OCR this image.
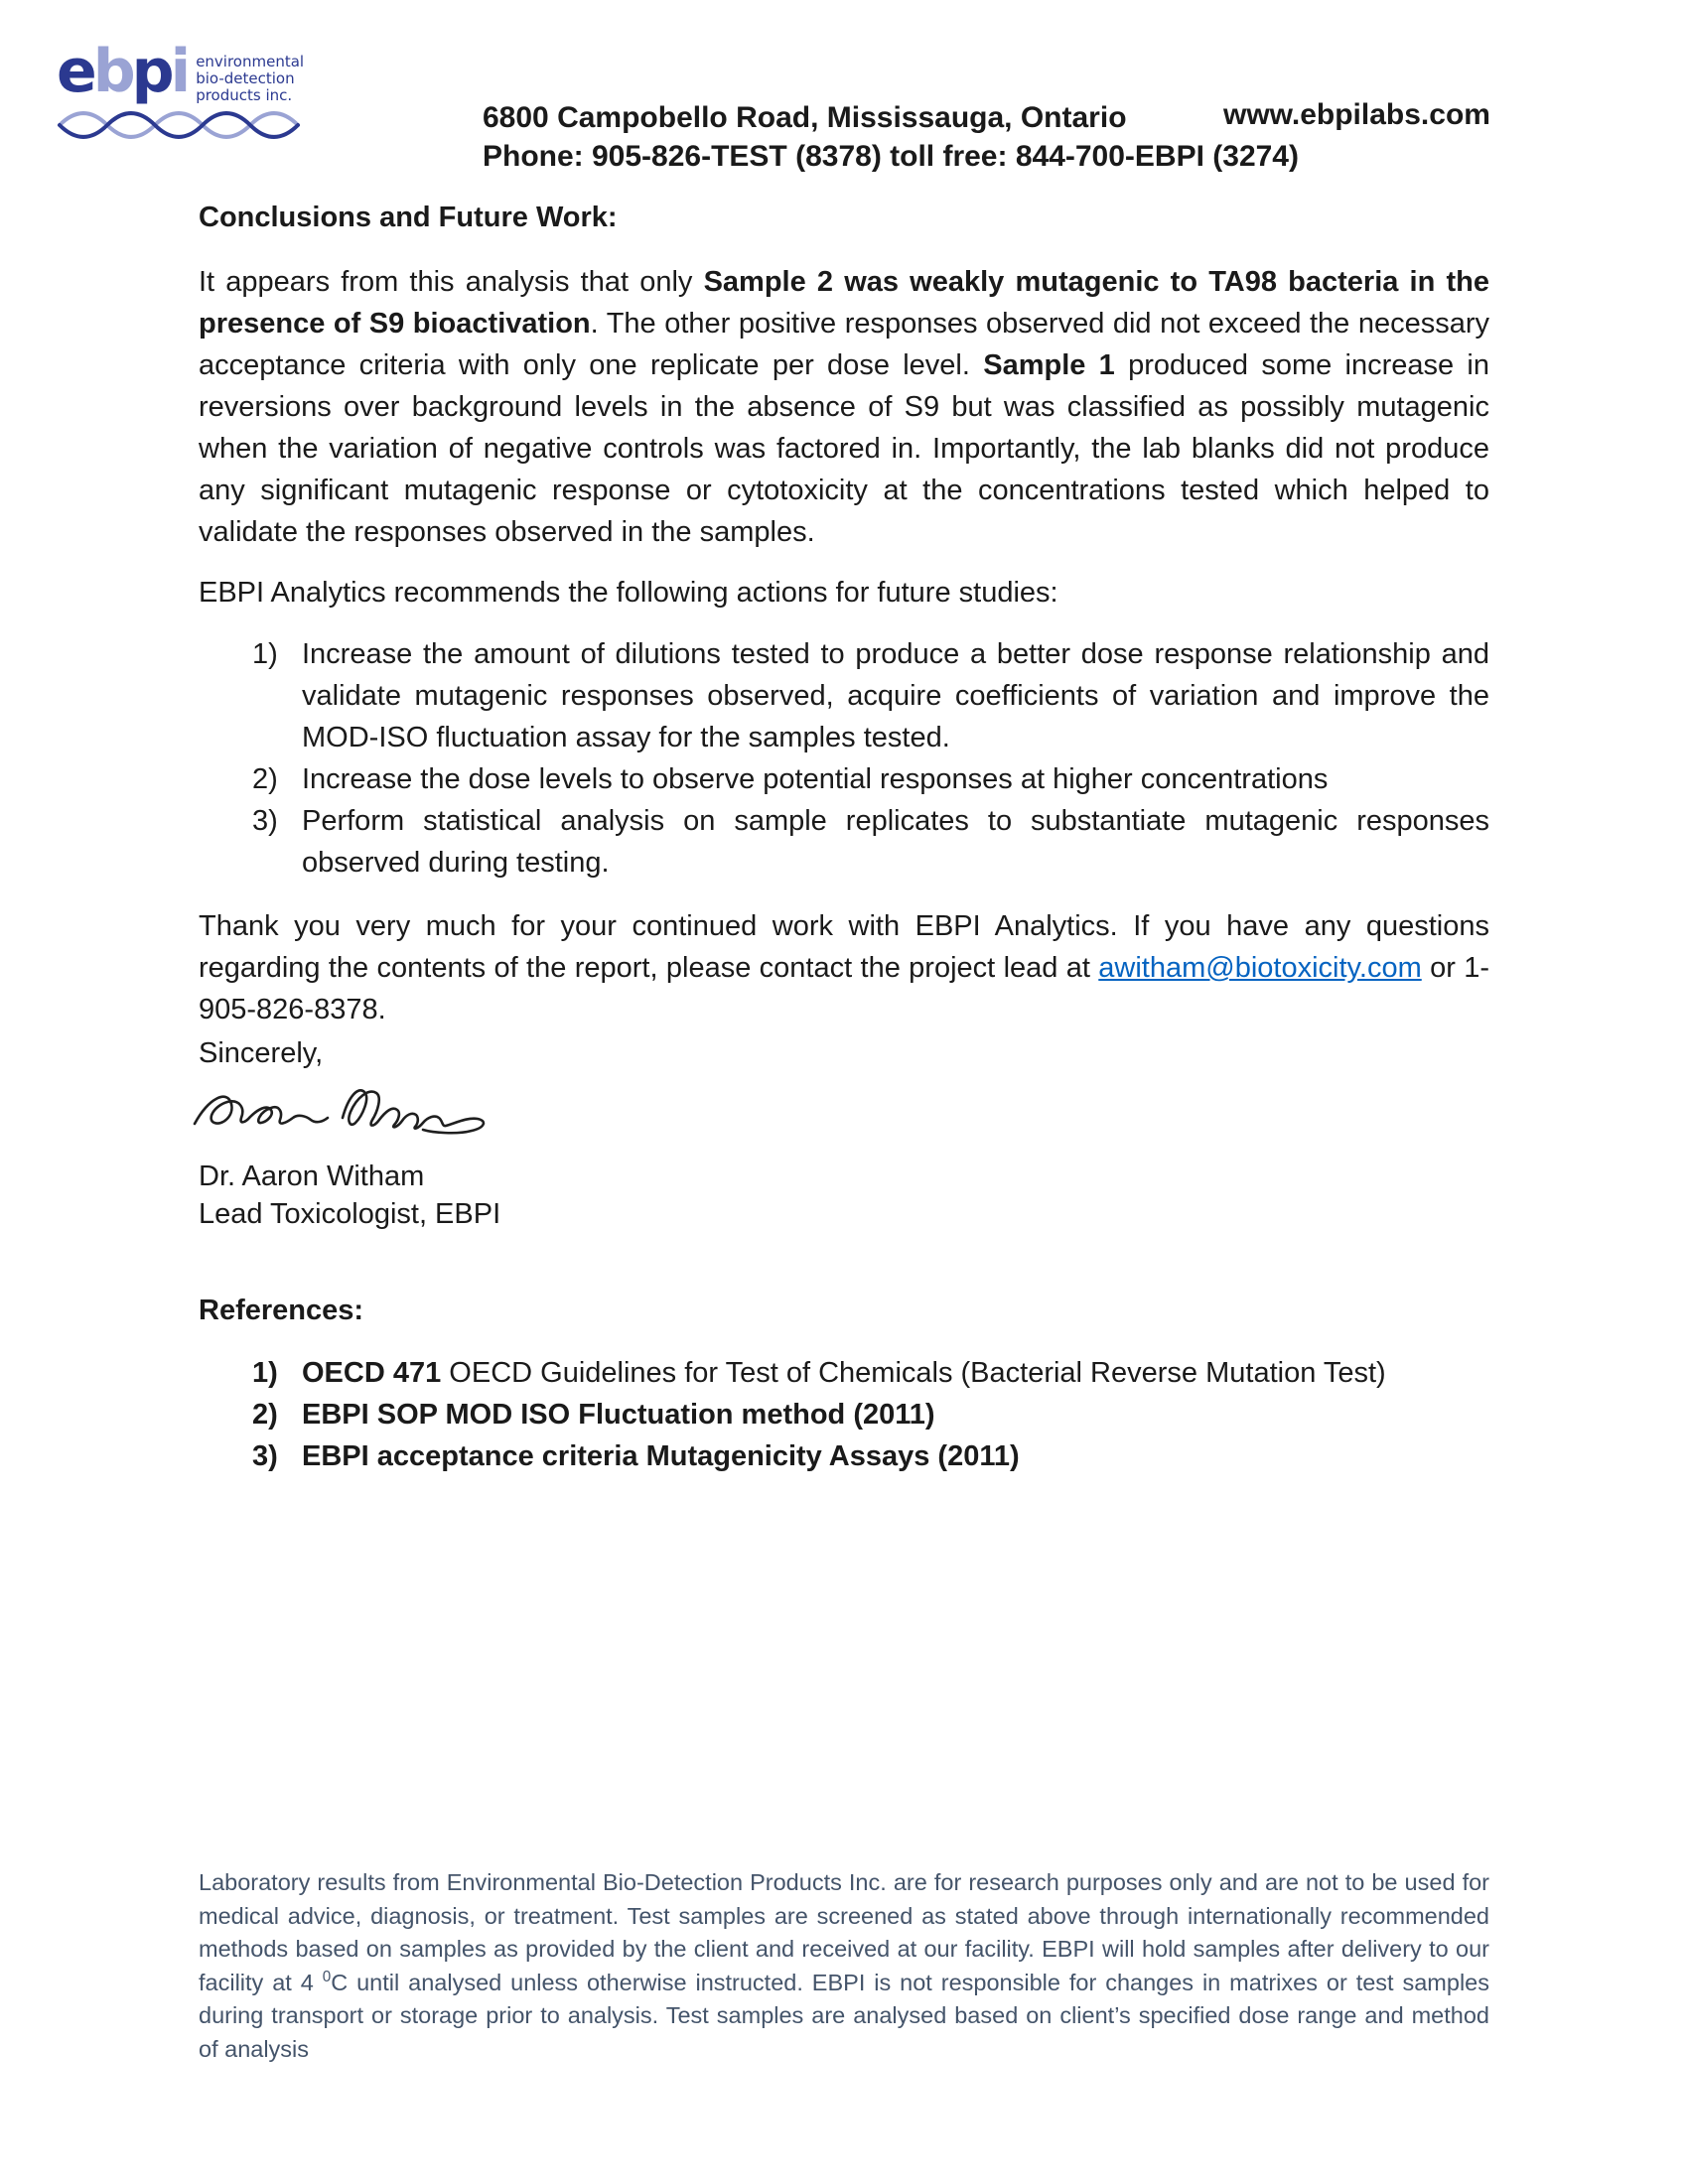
ebpi environmental
bio-detection
products inc.
6800 Campobello Road, Mississauga, Ontario
Phone: 905-826-TEST (8378) toll free: 844-700-EBPI (3274)
www.ebpilabs.com
Conclusions and Future Work:
It appears from this analysis that only Sample 2 was weakly mutagenic to TA98 bacteria in the presence of S9 bioactivation. The other positive responses observed did not exceed the necessary acceptance criteria with only one replicate per dose level. Sample 1 produced some increase in reversions over background levels in the absence of S9 but was classified as possibly mutagenic when the variation of negative controls was factored in. Importantly, the lab blanks did not produce any significant mutagenic response or cytotoxicity at the concentrations tested which helped to validate the responses observed in the samples.
EBPI Analytics recommends the following actions for future studies:
1) Increase the amount of dilutions tested to produce a better dose response relationship and validate mutagenic responses observed, acquire coefficients of variation and improve the MOD-ISO fluctuation assay for the samples tested.
2) Increase the dose levels to observe potential responses at higher concentrations
3) Perform statistical analysis on sample replicates to substantiate mutagenic responses observed during testing.
Thank you very much for your continued work with EBPI Analytics. If you have any questions regarding the contents of the report, please contact the project lead at awitham@biotoxicity.com or 1-905-826-8378.
Sincerely,
Dr. Aaron Witham
Lead Toxicologist, EBPI
References:
1) OECD 471 OECD Guidelines for Test of Chemicals (Bacterial Reverse Mutation Test)
2) EBPI SOP MOD ISO Fluctuation method (2011)
3) EBPI acceptance criteria Mutagenicity Assays (2011)
Laboratory results from Environmental Bio-Detection Products Inc. are for research purposes only and are not to be used for medical advice, diagnosis, or treatment. Test samples are screened as stated above through internationally recommended methods based on samples as provided by the client and received at our facility. EBPI will hold samples after delivery to our facility at 4 $^0$C until analysed unless otherwise instructed. EBPI is not responsible for changes in matrixes or test samples during transport or storage prior to analysis. Test samples are analysed based on client’s specified dose range and method of analysis
